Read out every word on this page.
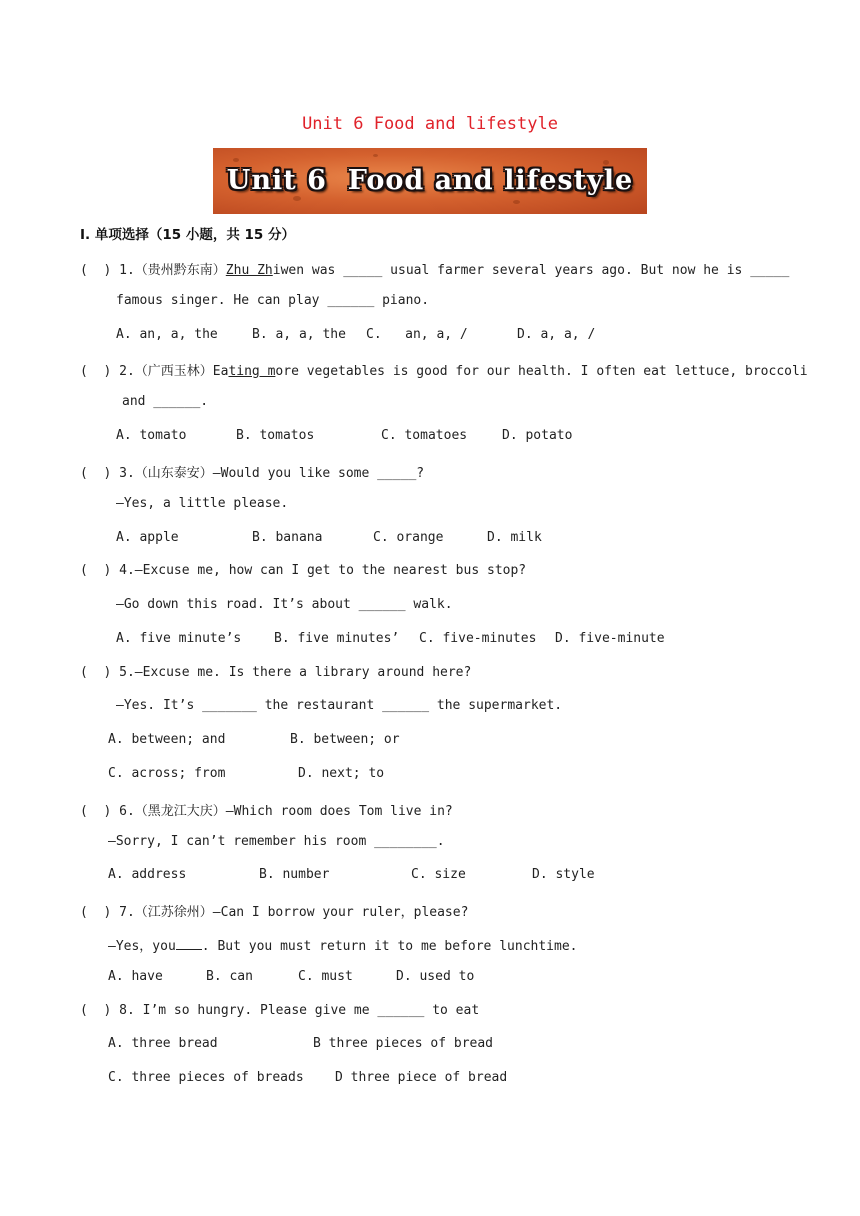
Unit 6 Food and lifestyle
Unit 6  Food and lifestyle
Ⅰ. 单项选择（15 小题，共 15 分）
(  ) 1.（贵州黔东南）Zhu Zhiwen was _____ usual farmer several years ago. But now he is _____
famous singer. He can play ______ piano.
A. an, a, the	B. a, a, the C.   an, a, /	D. a, a, /
(  ) 2.（广西玉林）Eating more vegetables is good for our health. I often eat lettuce, broccoli
and ______.
A. tomato	B. tomatos	C. tomatoes	D. potato
(  ) 3.（山东泰安）—Would you like some _____?
—Yes, a little please.
A. apple	B. banana	C. orange	D. milk
(  ) 4.—Excuse me, how can I get to the nearest bus stop?
—Go down this road. It’s about ______ walk.
A. five minute’s	B. five minutes’ C. five-minutes D. five-minute
(  ) 5.—Excuse me. Is there a library around here?
—Yes. It’s _______ the restaurant ______ the supermarket.
A. between; and	B. between; or
C. across; from	D. next; to
(  ) 6.（黑龙江大庆）—Which room does Tom live in?
—Sorry, I can’t remember his room ________.
A. address	B. number	C. size	D. style
(  ) 7.（江苏徐州）—Can I borrow your ruler，please?
—Yes，you . But you must return it to me before lunchtime.
A. have	B. can	C. must	D. used to
(  ) 8. I’m so hungry. Please give me ______ to eat
A. three bread	B three pieces of bread
C. three pieces of breads D three piece of bread
